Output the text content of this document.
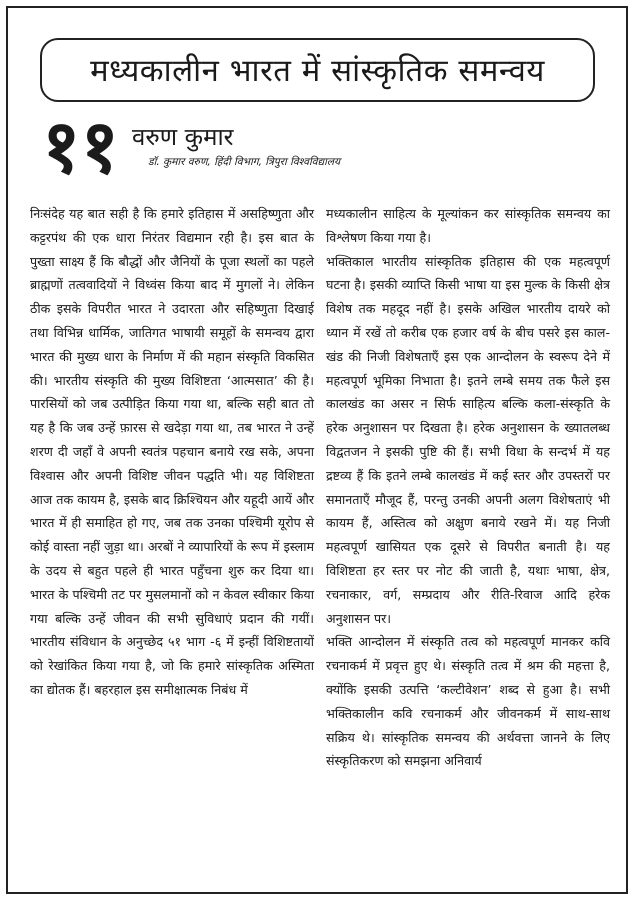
मध्यकालीन भारत में सांस्कृतिक समन्वय
११ वरुण कुमार
डॉ. कुमार वरुण, हिंदी विभाग, त्रिपुरा विश्वविद्यालय

निःसंदेह यह बात सही है कि हमारे इतिहास में असहिष्णुता और कट्टरपंथ की एक धारा निरंतर विद्यमान रही है। इस बात के पुख्ता साक्ष्य हैं कि बौद्धों और जैनियों के पूजा स्थलों का पहले ब्राह्मणों तत्ववादियों ने विध्वंस किया बाद में मुगलों ने। लेकिन ठीक इसके विपरीत भारत ने उदारता और सहिष्णुता दिखाई तथा विभिन्न धार्मिक, जातिगत भाषायी समूहों के समन्वय द्वारा भारत की मुख्य धारा के निर्माण में की महान संस्कृति विकसित की। भारतीय संस्कृति की मुख्य विशिष्टता ‘आत्मसात’ की है। पारसियों को जब उत्पीड़ित किया गया था, बल्कि सही बात तो यह है कि जब उन्हें फ़ारस से खदेड़ा गया था, तब भारत ने उन्हें शरण दी जहाँ वे अपनी स्वतंत्र पहचान बनाये रख सके, अपना विश्वास और अपनी विशिष्ट जीवन पद्धति भी। यह विशिष्टता आज तक कायम है, इसके बाद क्रिश्चियन और यहूदी आयें और भारत में ही समाहित हो गए, जब तक उनका पश्चिमी यूरोप से कोई वास्ता नहीं जुड़ा था। अरबों ने व्यापारियों के रूप में इस्लाम के उदय से बहुत पहले ही भारत पहुँचना शुरु कर दिया था। भारत के पश्चिमी तट पर मुसलमानों को न केवल स्वीकार किया गया बल्कि उन्हें जीवन की सभी सुविधाएं प्रदान की गयीं। भारतीय संविधान के अनुच्छेद ५१ भाग -६ में इन्हीं विशिष्टतायों को रेखांकित किया गया है, जो कि हमारे सांस्कृतिक अस्मिता का द्योतक हैं। बहरहाल इस समीक्षात्मक निबंध में

मध्यकालीन साहित्य के मूल्यांकन कर सांस्कृतिक समन्वय का विश्लेषण किया गया है।

भक्तिकाल भारतीय सांस्कृतिक इतिहास की एक महत्वपूर्ण घटना है। इसकी व्याप्ति किसी भाषा या इस मुल्क के किसी क्षेत्र विशेष तक महदूद नहीं है। इसके अखिल भारतीय दायरे को ध्यान में रखें तो करीब एक हजार वर्ष के बीच पसरे इस काल-खंड की निजी विशेषताएँ इस एक आन्दोलन के स्वरूप देने में महत्वपूर्ण भूमिका निभाता है। इतने लम्बे समय तक फैले इस कालखंड का असर न सिर्फ साहित्य बल्कि कला-संस्कृति के हरेक अनुशासन पर दिखता है। हरेक अनुशासन के ख्यातलब्ध विद्वतजन ने इसकी पुष्टि की हैं। सभी विधा के सन्दर्भ में यह द्रष्टव्य हैं कि इतने लम्बे कालखंड में कई स्तर और उपस्तरों पर समानताएँ मौजूद हैं, परन्तु उनकी अपनी अलग विशेषताएं भी कायम हैं, अस्तित्व को अक्षुण बनाये रखने में। यह निजी महत्वपूर्ण खासियत एक दूसरे से विपरीत बनाती है। यह विशिष्टता हर स्तर पर नोट की जाती है, यथाः भाषा, क्षेत्र, रचनाकार, वर्ग, सम्प्रदाय और रीति-रिवाज आदि हरेक अनुशासन पर।

भक्ति आन्दोलन में संस्कृति तत्व को महत्वपूर्ण मानकर कवि रचनाकर्म में प्रवृत्त हुए थे। संस्कृति तत्व में श्रम की महत्ता है, क्योंकि इसकी उत्पत्ति ‘कल्टीवेशन’ शब्द से हुआ है। सभी भक्तिकालीन कवि रचनाकर्म और जीवनकर्म में साथ-साथ सक्रिय थे। सांस्कृतिक समन्वय की अर्थवत्ता जानने के लिए संस्कृतिकरण को समझना अनिवार्य
